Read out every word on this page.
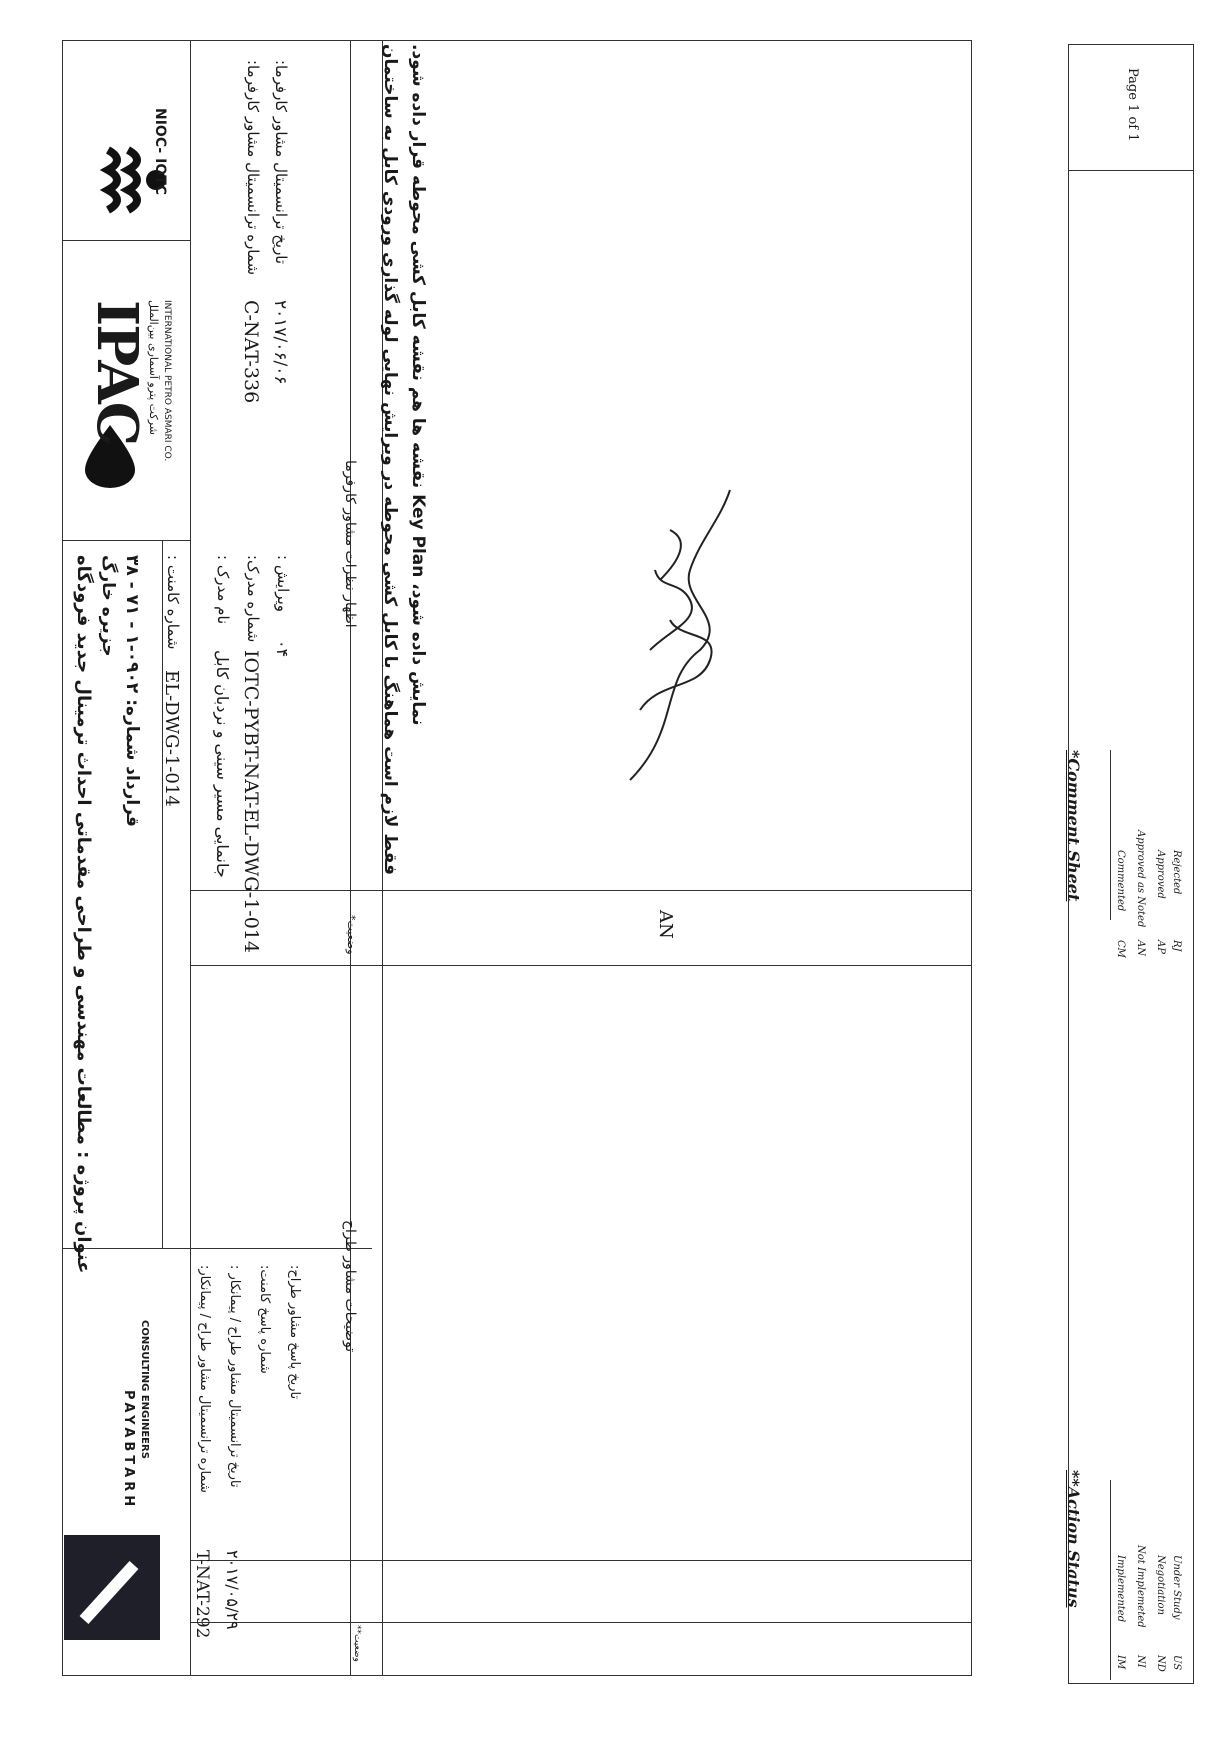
NIOC- IOTC
IPAC
شرکت پترو آسماری بین‌الملل INTERNATIONAL PETRO ASMARI CO.
عنوان پروژه : مطالعات مهندسی و طراحی مقدماتی احداث ترمینال جدید فرودگاه جزیره خارگ قرارداد شماره: ۰۹۰۲-۱ - ۷۱ - ۳۸
شماره کامنت :
EL-DWG-1-014
شماره ترانسمیتال مشاور کارفرما:
C-NAT-336
تاریخ ترانسمیتال مشاور کارفرما:
۲۰۱۷/۰۶/۰۶
نام مدرک :
جانمایی مسیر سینی و نردبان کابل
شماره مدرک:
IOTC-PYBT-NAT-EL-DWG-1-014
ویرایش :
۰۴
شماره ترانسمیتال مشاور طراح / پیمانکار:
T-NAT-292
تاریخ ترانسمیتال مشاور طراح / پیمانکار :
۲۰۱۷/۰۵/۲۹
شماره پاسخ کامنت: تاریخ پاسخ مشاور طراح:
PAYABTARH CONSULTING ENGINEERS
اظهار نظرات مشاور کارفرما
وضعیت*
توضیحات مشاور طراح
وضعیت**
فقط لازم است هماهنگ با کابل کشی محوطه در ویرایش نهایی لوله گذاری ورودی کابل به ساختمان نمایش داده شود، Key Plan نقشه ها هم نقشه کابل کشی محوطه قرار داده شود.
AN
Page 1 of 1
*Comment Sheet
CM
Commented
AN
Approved as Noted
AP
Approved
RJ
Rejected
**Action Status
IM
Implemented
NI
Not Implemeted
ND
Negotiation
US
Under Study
